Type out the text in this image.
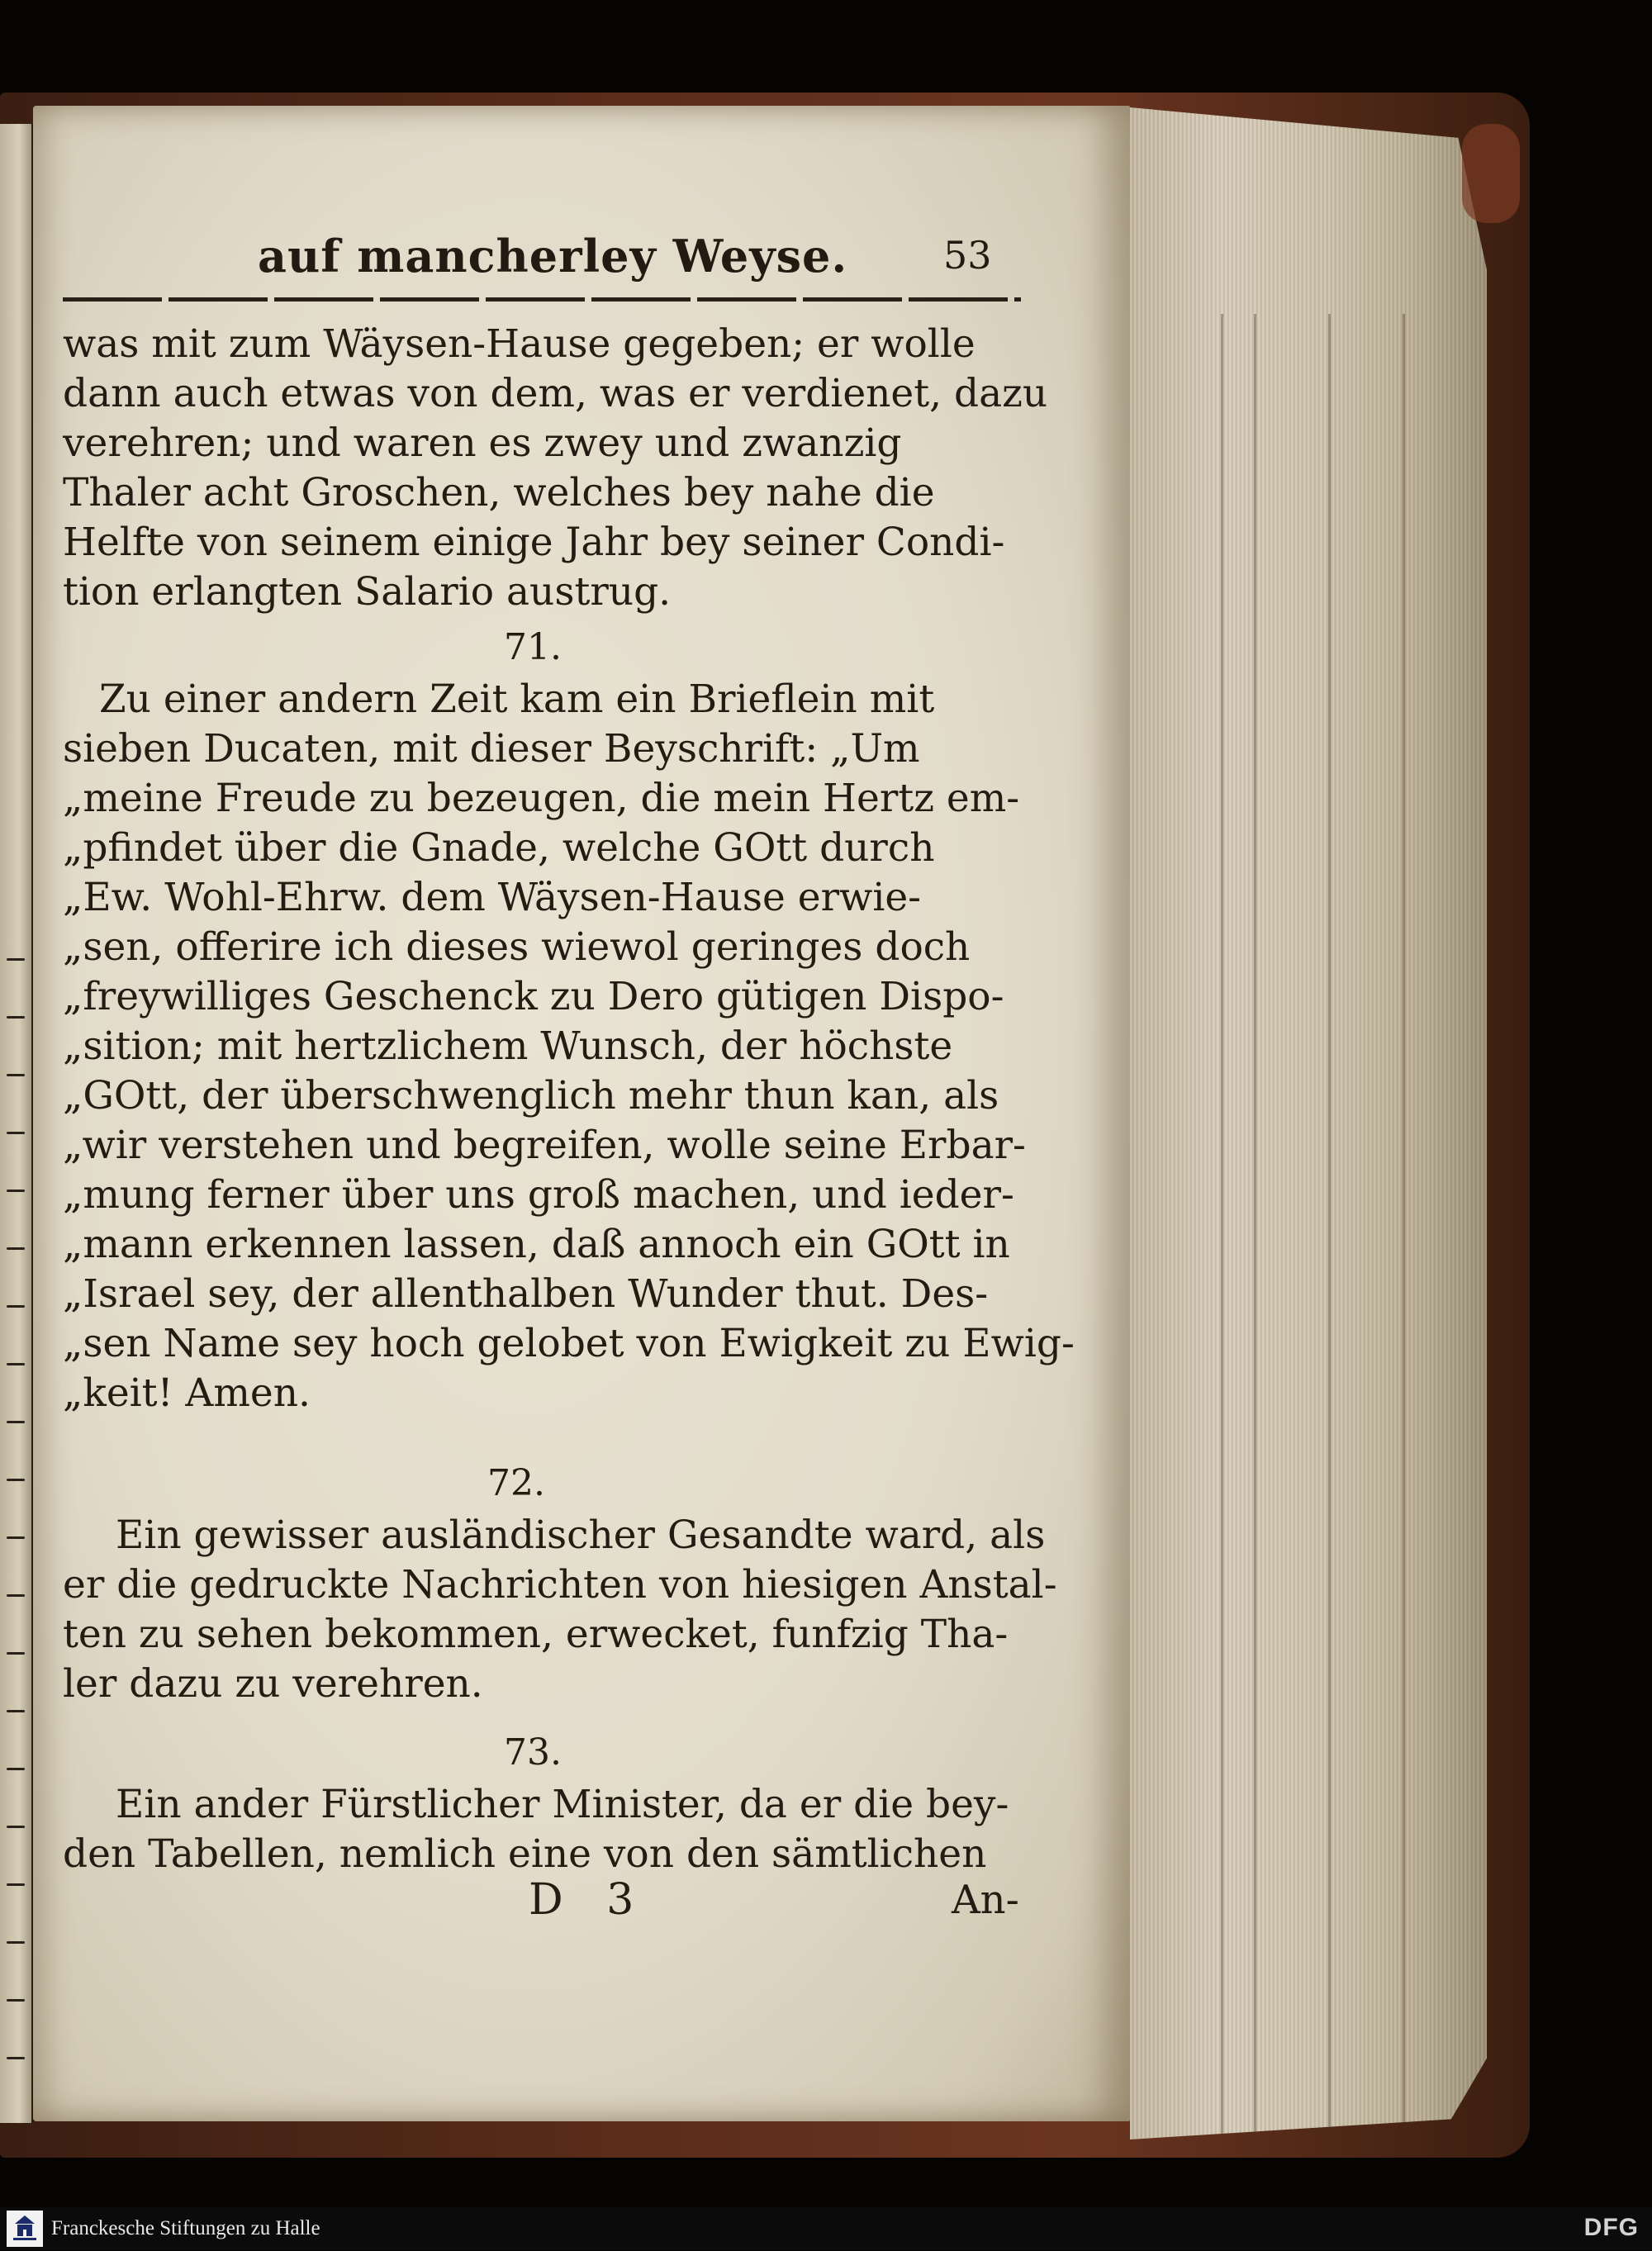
auf mancherley Weyse.	53

was mit zum Wäysen-Hause gegeben; er wolle

dann auch etwas von dem, was er verdienet, dazu

verehren; und waren es zwey und zwanzig

Thaler acht Groschen, welches bey nahe die

Helfte von seinem einige Jahr bey seiner Condi-

tion erlangten Salario austrug.

71.

Zu einer andern Zeit kam ein Brieflein mit

sieben Ducaten, mit dieser Beyschrift: „Um

„meine Freude zu bezeugen, die mein Hertz em-

„pfindet über die Gnade, welche GOtt durch

„Ew. Wohl-Ehrw. dem Wäysen-Hause erwie-

„sen, offerire ich dieses wiewol geringes doch

„freywilliges Geschenck zu Dero gütigen Dispo-

„sition; mit hertzlichem Wunsch, der höchste

„GOtt, der überschwenglich mehr thun kan, als

„wir verstehen und begreifen, wolle seine Erbar-

„mung ferner über uns groß machen, und ieder-

„mann erkennen lassen, daß annoch ein GOtt in

„Israel sey, der allenthalben Wunder thut. Des-

„sen Name sey hoch gelobet von Ewigkeit zu Ewig-

„keit! Amen.

72.

Ein gewisser ausländischer Gesandte ward, als

er die gedruckte Nachrichten von hiesigen Anstal-

ten zu sehen bekommen, erwecket, funfzig Tha-

ler dazu zu verehren.

73.

Ein ander Fürstlicher Minister, da er die bey-

den Tabellen, nemlich eine von den sämtlichen

D 3	An-
Franckesche Stiftungen zu Halle	DFG
